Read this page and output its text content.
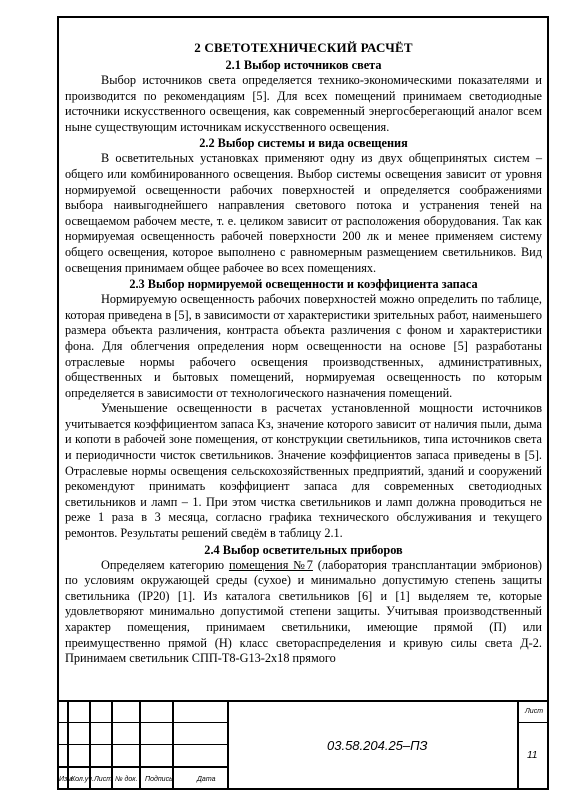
2 СВЕТОТЕХНИЧЕСКИЙ РАСЧЁТ
2.1 Выбор источников света

Выбор источников света определяется технико-экономическими показателями и производится по рекомендациям [5]. Для всех помещений принимаем светодиодные источники искусственного освещения, как современный энергосберегающий аналог всем ныне существующим источникам искусственного освещения.

2.2 Выбор системы и вида освещения

В осветительных установках применяют одну из двух общепринятых систем – общего или комбинированного освещения. Выбор системы освещения зависит от уровня нормируемой освещенности рабочих поверхностей и определяется соображениями выбора наивыгоднейшего направления светового потока и устранения теней на освещаемом рабочем месте, т. е. целиком зависит от расположения оборудования. Так как нормируемая освещенность рабочей поверхности 200 лк и менее применяем систему общего освещения, которое выполнено с равномерным размещением светильников. Вид освещения принимаем общее рабочее во всех помещениях.

2.3 Выбор нормируемой освещенности и коэффициента запаса

Нормируемую освещенность рабочих поверхностей можно определить по таблице, которая приведена в [5], в зависимости от характеристики зрительных работ, наименьшего размера объекта различения, контраста объекта различения с фоном и характеристики фона. Для облегчения определения норм освещенности на основе [5] разработаны отраслевые нормы рабочего освещения производственных, административных, общественных и бытовых помещений, нормируемая освещенность по которым определяется в зависимости от технологического назначения помещений.

Уменьшение освещенности в расчетах установленной мощности источников учитывается коэффициентом запаса Kз, значение которого зависит от наличия пыли, дыма и копоти в рабочей зоне помещения, от конструкции светильников, типа источников света и периодичности чисток светильников. Значение коэффициентов запаса приведены в [5]. Отраслевые нормы освещения сельскохозяйственных предприятий, зданий и сооружений рекомендуют принимать коэффициент запаса для современных светодиодных светильников и ламп – 1. При этом чистка светильников и ламп должна проводиться не реже 1 раза в 3 месяца, согласно графика технического обслуживания и текущего ремонтов. Результаты решений сведём в таблицу 2.1.

2.4 Выбор осветительных приборов

Определяем категорию помещения №7 (лаборатория трансплантации эмбрионов) по условиям окружающей среды (сухое) и минимально допустимую степень защиты светильника (IP20) [1]. Из каталога светильников [6] и [1] выделяем те, которые удовлетворяют минимально допустимой степени защиты. Учитывая производственный характер помещения, принимаем светильники, имеющие прямой (П) или преимущественно прямой (Н) класс светораспределения и кривую силы света Д-2. Принимаем светильник СПП-Т8-G13-2х18 прямого

Изм.
Кол.уч. Лист № док. Подпись	Дата
03.58.204.25–ПЗ
Лист
11
